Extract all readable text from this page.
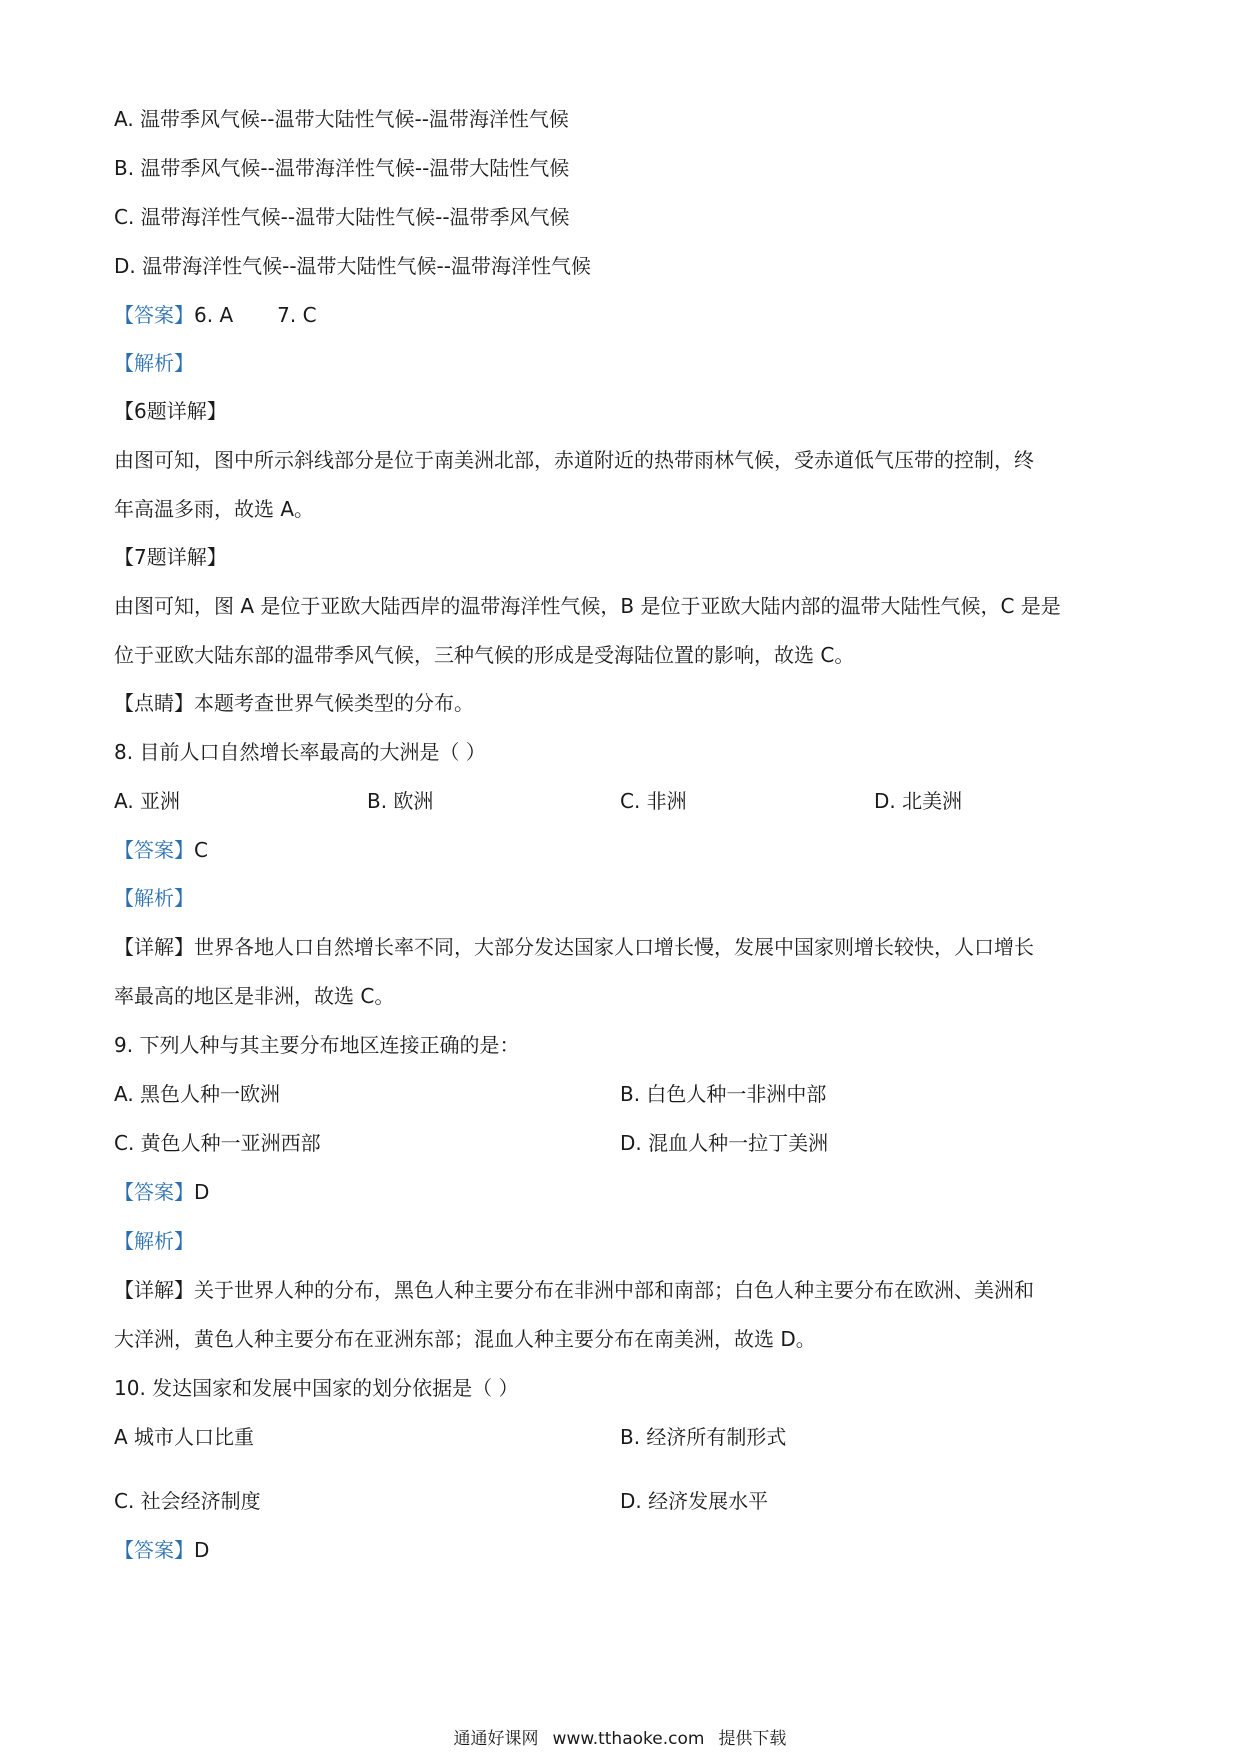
A. 温带季风气候--温带大陆性气候--温带海洋性气候
B. 温带季风气候--温带海洋性气候--温带大陆性气候
C. 温带海洋性气候--温带大陆性气候--温带季风气候
D. 温带海洋性气候--温带大陆性气候--温带海洋性气候
【答案】6. A 7. C
【解析】
【6题详解】
由图可知，图中所示斜线部分是位于南美洲北部，赤道附近的热带雨林气候，受赤道低气压带的控制，终
年高温多雨，故选 A。
【7题详解】
由图可知，图 A 是位于亚欧大陆西岸的温带海洋性气候，B 是位于亚欧大陆内部的温带大陆性气候，C 是是
位于亚欧大陆东部的温带季风气候，三种气候的形成是受海陆位置的影响，故选 C。
【点睛】本题考查世界气候类型的分布。
8. 目前人口自然增长率最高的大洲是（ ）
A. 亚洲	B. 欧洲	C. 非洲	D. 北美洲
【答案】C
【解析】
【详解】世界各地人口自然增长率不同，大部分发达国家人口增长慢，发展中国家则增长较快，人口增长
率最高的地区是非洲，故选 C。
9. 下列人种与其主要分布地区连接正确的是：
A. 黑色人种一欧洲	B. 白色人种一非洲中部
C. 黄色人种一亚洲西部	D. 混血人种一拉丁美洲
【答案】D
【解析】
【详解】关于世界人种的分布，黑色人种主要分布在非洲中部和南部；白色人种主要分布在欧洲、美洲和
大洋洲，黄色人种主要分布在亚洲东部；混血人种主要分布在南美洲，故选 D。
10. 发达国家和发展中国家的划分依据是（ ）
A 城市人口比重	B. 经济所有制形式
C. 社会经济制度	D. 经济发展水平
【答案】D
通通好课网 www.tthaoke.com 提供下载
